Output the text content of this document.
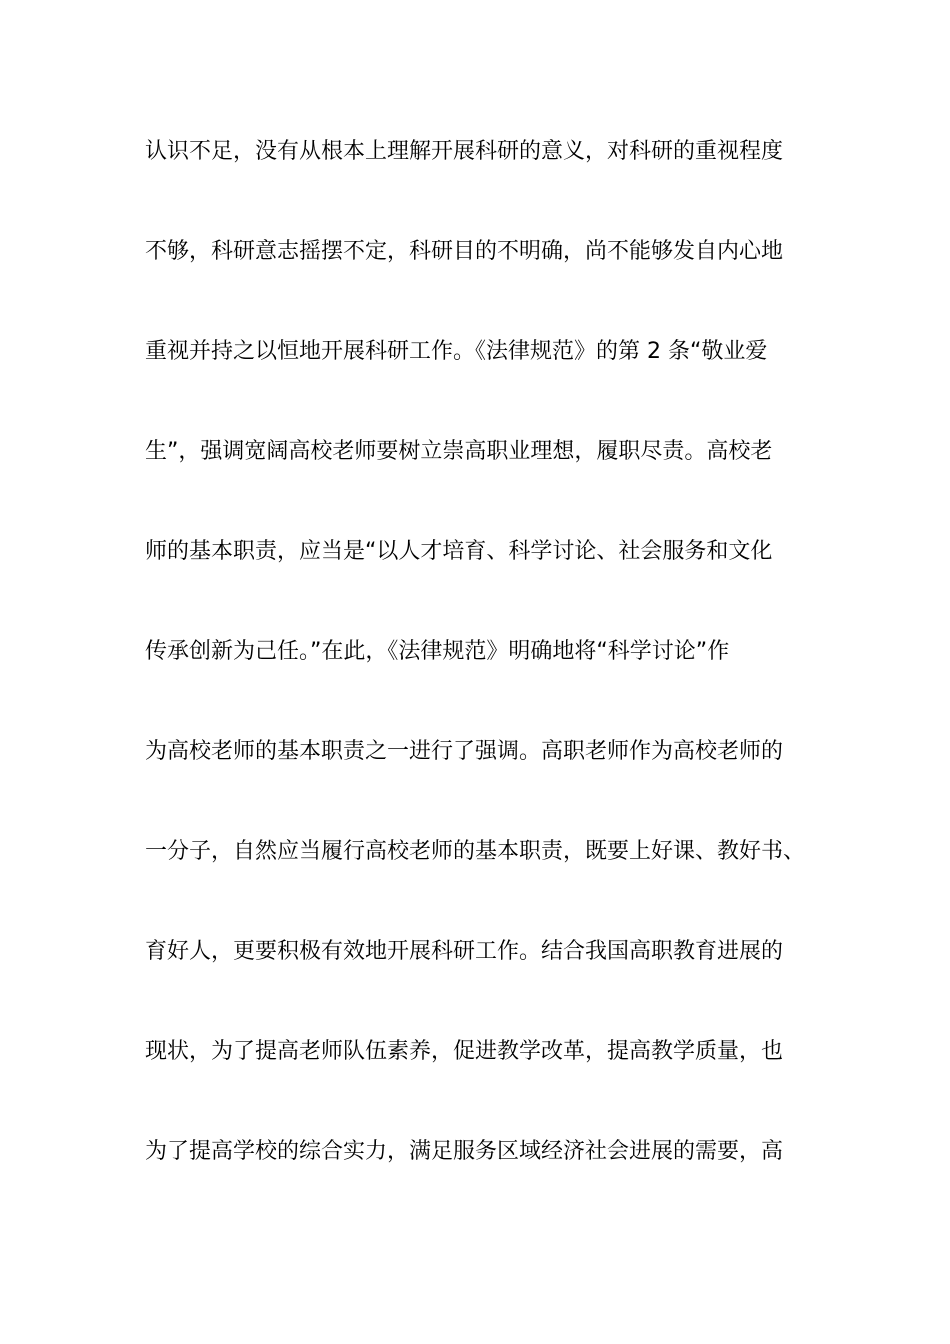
认识不足，没有从根本上理解开展科研的意义，对科研的重视程度
不够，科研意志摇摆不定，科研目的不明确，尚不能够发自内心地
重视并持之以恒地开展科研工作。《法律规范》的第 2 条“敬业爱
生”，强调宽阔高校老师要树立崇高职业理想，履职尽责。高校老
师的基本职责，应当是“以人才培育、科学讨论、社会服务和文化
传承创新为己任。”在此，《法律规范》明确地将“科学讨论”作
为高校老师的基本职责之一进行了强调。高职老师作为高校老师的
一分子，自然应当履行高校老师的基本职责，既要上好课、教好书、
育好人，更要积极有效地开展科研工作。结合我国高职教育进展的
现状，为了提高老师队伍素养，促进教学改革，提高教学质量，也
为了提高学校的综合实力，满足服务区域经济社会进展的需要，高
